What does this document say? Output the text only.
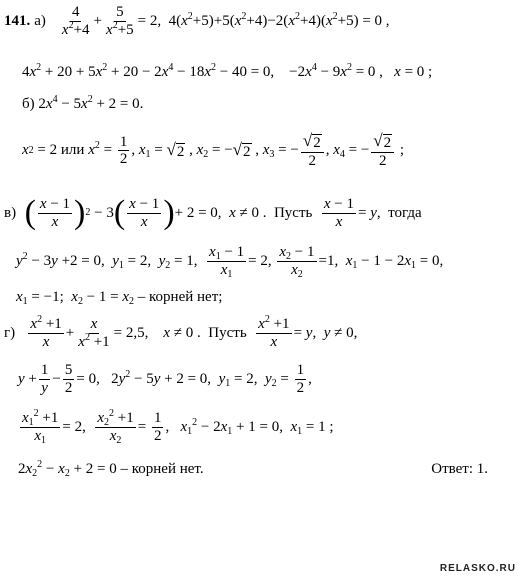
141. $а) \frac{4}{x^2+4} + \frac{5}{x^2+5} = 2$,  $4(x^2+5)+5(x^2+4)-2(x^2+4)(x^2+5) = 0$ ,
$4x^2 + 20 + 5x^2 + 20 - 2x^4 - 18x^2 - 40 = 0$,    $-2x^4 - 9x^2 = 0$ ,   x = 0 ;
б) $2x^4 - 5x^2 + 2 = 0$.
x 2 = 2 или $x^2 = \frac{1}{2}$ , $x_1$ = √ 2 , $x_2$ = − √ 2 , $x_3$ = − $\frac{√ 2}{2}$ , $x_4$ = − $\frac{√ 2}{2}$ ;
в) ( $\frac{x - 1}{x}$ ) 2 − 3 ( $\frac{x - 1}{x}$ ) + 2 = 0,  x ≠ 0 . Пусть
$\frac{x - 1}{x} = y$, тогда
$y^2 - 3y +2 = 0$,  $y_1 = 2$,  $y_2 = 1$, $\frac{x_1 - 1}{x_1} = 2$, $\frac{x_2 - 1}{x_2} =1$,  $x_1 - 1 - 2x_1 = 0$,
$x_1 = -1$;  $x_2 - 1 = x_2$ – корней нет;
г)
$\frac{x^2 +1}{x} + \frac{x}{x^2 +1} = 2,5$,    x ≠ 0 . Пусть
$\frac{x^2 +1}{x} = y$,  y ≠ 0,
$y + \frac{1}{y} - \frac{5}{2} = 0$,   $2y^2 - 5y + 2 = 0$,  $y_1 = 2$,  $y_2 = \frac{1}{2}$ ,
$\frac{x_1^2 +1}{x_1} = 2$, $\frac{x_2^2 +1}{x_2} = \frac{1}{2}$ ,   $x_1^2 - 2x_1 + 1 = 0$,  $x_1 = 1$ ;
$2x_2^2 - x_2 + 2 = 0$ – корней нет.	Ответ: 1.
RELASKO.RU
